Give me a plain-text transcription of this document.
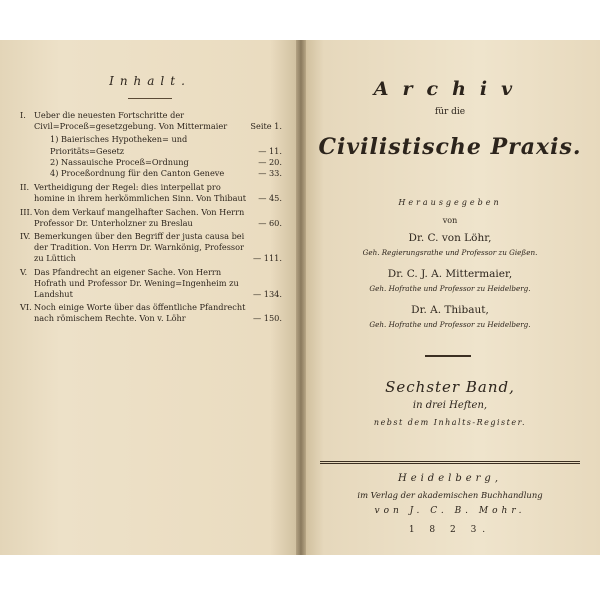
Inhalt.
I. Ueber die neuesten Fortschritte der Civil=Proceß=gesetzgebung. Von Mittermaier	Seite 1.
1) Baierisches Hypotheken= und Prioritäts=Gesetz	— 11.
2) Nassauische Proceß=Ordnung	— 20.
4) Proceßordnung für den Canton Geneve	— 33.
II. Vertheidigung der Regel: dies interpellat pro homine in ihrem herkömmlichen Sinn. Von Thibaut	— 45.
III. Von dem Verkauf mangelhafter Sachen. Von Herrn Professor Dr. Unterholzner zu Breslau	— 60.
IV. Bemerkungen über den Begriff der justa causa bei der Tradition. Von Herrn Dr. Warnkönig, Professor zu Lüttich	— 111.
V. Das Pfandrecht an eigener Sache. Von Herrn Hofrath und Professor Dr. Wening=Ingenheim zu Landshut	— 134.
VI. Noch einige Worte über das öffentliche Pfandrecht nach römischem Rechte. Von v. Löhr	— 150.
Archiv
für die
Civilistische Praxis.
Herausgegeben
von
Dr. C. von Löhr,
Geh. Regierungsrathe und Professor zu Gießen.
Dr. C. J. A. Mittermaier,
Geh. Hofrathe und Professor zu Heidelberg.
Dr. A. Thibaut,
Geh. Hofrathe und Professor zu Heidelberg.
Sechster Band,
in drei Heften,
nebst dem Inhalts-Register.
Heidelberg,
im Verlag der akademischen Buchhandlung
von J. C. B. Mohr.
1 8 2 3.
